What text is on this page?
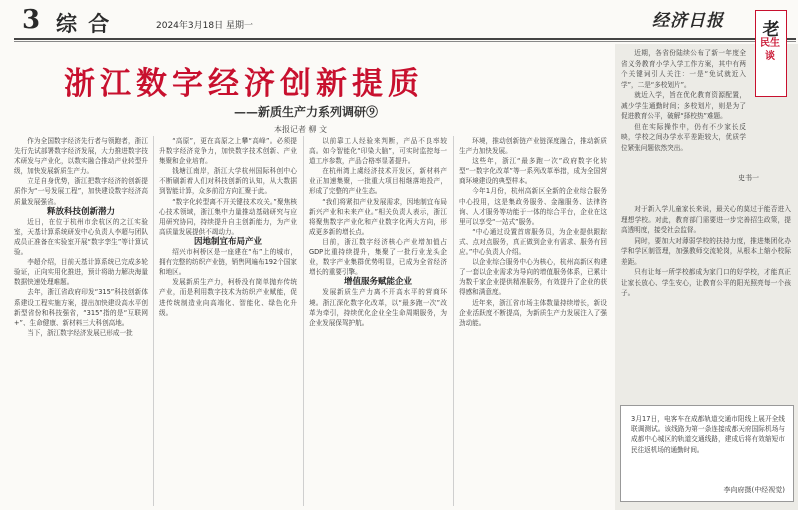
3 综 合	2024年3月18日 星期一	经济日报
浙江数字经济创新提质
——新质生产力系列调研⑨
本报记者 柳 文

作为全国数字经济先行者与领跑者，浙江先行先试部署数字经济发展，大力推进数字技术研发与产业化，以数实融合推动产业转型升级，加快发展新质生产力。

立足自身优势，浙江把数字经济的创新提质作为“一号发展工程”，加快建设数字经济高质量发展强省。

释放科技创新潜力

近日，在位于杭州市余杭区的之江实验室，天基计算系统研发中心负责人李超与团队成员正准备在实验室开展“数字孪生”等计算试验。

李超介绍，目前天基计算系统已完成多轮验证，正向实用化推进，预计将助力解决海量数据快速处理难题。

去年，浙江省政府印发“315”科技创新体系建设工程实施方案，提出加快建设高水平创新型省份和科技强省，“315”指的是“互联网+”、生命健康、新材料三大科创高地。

当下，浙江数字经济发展已形成一批

“高原”，更在高原之上攀“高峰”。必须提升数字经济竞争力，加快数字技术创新、产业集聚和企业培育。

钱塘江南岸，浙江大学杭州国际科创中心不断刷新着人们对科技创新的认知，从大数据到智能计算，众多前沿方向汇聚于此。

“数字化转型离不开关键技术攻关。”聚焦核心技术领域，浙江集中力量推动基础研究与应用研究协同，持续提升自主创新能力，为产业高质量发展提供不竭动力。

因地制宜布局产业

绍兴市柯桥区是一座建在“布”上的城市，拥有完整的纺织产业链，销售网遍布192个国家和地区。

发展新质生产力，柯桥没有简单抛弃传统产业，而是利用数字技术为纺织产业赋能，促进传统制造业向高端化、智能化、绿色化升级。

以前靠工人经验来判断，产品不良率较高。如今智能化“印染大脑”，可实时监控每一道工序参数，产品合格率显著提升。

在杭州湾上虞经济技术开发区，新材料产业正加速集聚，一批重大项目相继落地投产，形成了完整的产业生态。

“我们将紧扣产业发展需求，因地制宜布局新兴产业和未来产业。”相关负责人表示，浙江将聚焦数字产业化和产业数字化两大方向，形成更多新的增长点。

目前，浙江数字经济核心产业增加值占GDP比重持续提升，集聚了一批行业龙头企业，数字产业集群优势明显，已成为全省经济增长的重要引擎。

增值服务赋能企业

发展新质生产力离不开高水平的营商环境。浙江深化数字化改革，以“最多跑一次”改革为牵引，持续优化企业全生命周期服务，为企业发展保驾护航。

环境，推动创新链产业链深度融合，推动新质生产力加快发展。

这些年，浙江“最多跑一次”政府数字化转型“一数字化改革”等一系列改革举措，成为全国营商环境建设的典型样本。

今年1月份，杭州高新区全新的企业综合服务中心投用，这是集政务服务、金融服务、法律咨询、人才服务等功能于一体的综合平台，企业在这里可以享受“一站式”服务。

“中心通过设置首席服务员，为企业提供跟踪式、点对点服务，真正做到企业有需求、服务有回应。”中心负责人介绍。

以企业综合服务中心为核心，杭州高新区构建了一套以企业需求为导向的增值服务体系，已累计为数千家企业提供精准服务，有效提升了企业的获得感和满意度。

近年来，浙江省市场主体数量持续增长，新设企业活跃度不断提高，为新质生产力发展注入了强劲动能。

近期，各省份陆续公布了新一年度全省义务教育小学入学工作方案，其中有两个关键词引人关注：一是“免试就近入学”，二是“多校划片”。

就近入学，旨在优化教育资源配置，减少学生通勤时间；多校划片，则是为了促进教育公平，破解“择校热”难题。

但在实际操作中，仍有不少家长反映，学校之间办学水平差距较大，优质学位紧张问题依然突出。

对于新入学儿童家长来说，最关心的莫过于能否进入理想学校。对此，教育部门需要进一步完善招生政策，提高透明度，接受社会监督。

同时，要加大对薄弱学校的扶持力度，推进集团化办学和学区制管理，加强教师交流轮岗，从根本上缩小校际差距。

只有让每一所学校都成为家门口的好学校，才能真正让家长放心、学生安心，让教育公平的阳光照亮每一个孩子。

老
民生谈
史书一
3月17日，电客车在成都轨道交通市阳线上展开全线联调测试。该线路为第一条连接成都天府国际机场与成都中心城区的轨道交通线路，建成后将有效缩短市民往返机场的通勤时间。
李向府摄(中经视觉)
